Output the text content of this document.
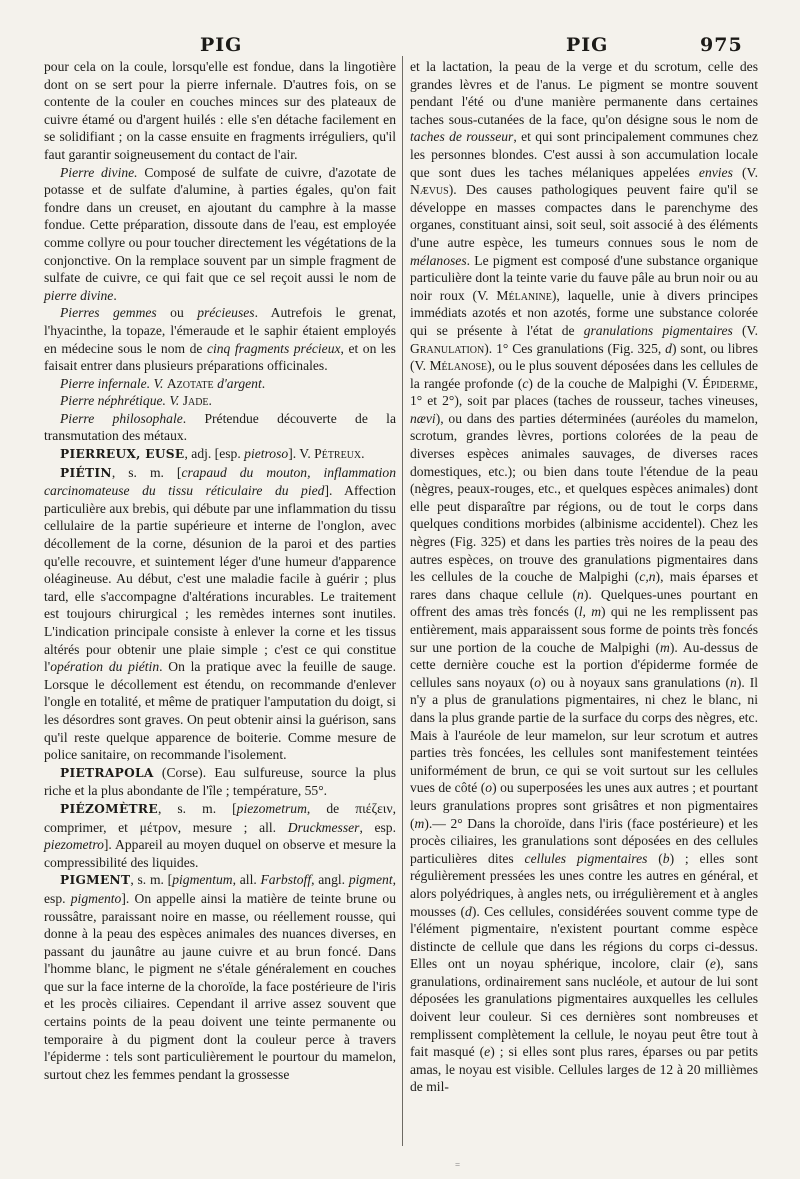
PIG	PIG	975

pour cela on la coule, lorsqu'elle est fondue, dans la lingotière dont on se sert pour la pierre infernale. D'autres fois, on se contente de la couler en couches minces sur des plateaux de cuivre étamé ou d'argent huilés : elle s'en détache facilement en se solidifiant ; on la casse ensuite en fragments irréguliers, qu'il faut garantir soigneusement du contact de l'air.

Pierre divine. Composé de sulfate de cuivre, d'azotate de potasse et de sulfate d'alumine, à parties égales, qu'on fait fondre dans un creuset, en ajoutant du camphre à la masse fondue. Cette préparation, dissoute dans de l'eau, est employée comme collyre ou pour toucher directement les végétations de la conjonctive. On la remplace souvent par un simple fragment de sulfate de cuivre, ce qui fait que ce sel reçoit aussi le nom de pierre divine.

Pierres gemmes ou précieuses. Autrefois le grenat, l'hyacinthe, la topaze, l'émeraude et le saphir étaient employés en médecine sous le nom de cinq fragments précieux, et on les faisait entrer dans plusieurs préparations officinales.

Pierre infernale. V. Azotate d'argent.

Pierre néphrétique. V. Jade.

Pierre philosophale. Prétendue découverte de la transmutation des métaux.

PIERREUX, EUSE, adj. [esp. pietroso]. V. Pétreux.

PIÉTIN, s. m. [crapaud du mouton, inflammation carcinomateuse du tissu réticulaire du pied]. Affection particulière aux brebis, qui débute par une inflammation du tissu cellulaire de la partie supérieure et interne de l'onglon, avec décollement de la corne, désunion de la paroi et des parties qu'elle recouvre, et suintement léger d'une humeur d'apparence oléagineuse. Au début, c'est une maladie facile à guérir ; plus tard, elle s'accompagne d'altérations incurables. Le traitement est toujours chirurgical ; les remèdes internes sont inutiles. L'indication principale consiste à enlever la corne et les tissus altérés pour obtenir une plaie simple ; c'est ce qui constitue l'opération du piétin. On la pratique avec la feuille de sauge. Lorsque le décollement est étendu, on recommande d'enlever l'ongle en totalité, et même de pratiquer l'amputation du doigt, si les désordres sont graves. On peut obtenir ainsi la guérison, sans qu'il reste quelque apparence de boiterie. Comme mesure de police sanitaire, on recommande l'isolement.

PIETRAPOLA (Corse). Eau sulfureuse, source la plus riche et la plus abondante de l'île ; température, 55°.

PIÉZOMÈTRE, s. m. [piezometrum, de πιέζειν, comprimer, et μέτρον, mesure ; all. Druckmesser, esp. piezometro]. Appareil au moyen duquel on observe et mesure la compressibilité des liquides.

PIGMENT, s. m. [pigmentum, all. Farbstoff, angl. pigment, esp. pigmento]. On appelle ainsi la matière de teinte brune ou roussâtre, paraissant noire en masse, ou réellement rousse, qui donne à la peau des espèces animales des nuances diverses, en passant du jaunâtre au jaune cuivre et au brun foncé. Dans l'homme blanc, le pigment ne s'étale généralement en couches que sur la face interne de la choroïde, la face postérieure de l'iris et les procès ciliaires. Cependant il arrive assez souvent que certains points de la peau doivent une teinte permanente ou temporaire à du pigment dont la couleur perce à travers l'épiderme : tels sont particulièrement le pourtour du mamelon, surtout chez les femmes pendant la grossesse

et la lactation, la peau de la verge et du scrotum, celle des grandes lèvres et de l'anus. Le pigment se montre souvent pendant l'été ou d'une manière permanente dans certaines taches sous-cutanées de la face, qu'on désigne sous le nom de taches de rousseur, et qui sont principalement communes chez les personnes blondes. C'est aussi à son accumulation locale que sont dues les taches mélaniques appelées envies (V. Nævus). Des causes pathologiques peuvent faire qu'il se développe en masses compactes dans le parenchyme des organes, constituant ainsi, soit seul, soit associé à des éléments d'une autre espèce, les tumeurs connues sous le nom de mélanoses. Le pigment est composé d'une substance organique particulière dont la teinte varie du fauve pâle au brun noir ou au noir roux (V. Mélanine), laquelle, unie à divers principes immédiats azotés et non azotés, forme une substance colorée qui se présente à l'état de granulations pigmentaires (V. Granulation). 1° Ces granulations (Fig. 325, d) sont, ou libres (V. Mélanose), ou le plus souvent déposées dans les cellules de la rangée profonde (c) de la couche de Malpighi (V. Épiderme, 1° et 2°), soit par places (taches de rousseur, taches vineuses, nævi), ou dans des parties déterminées (auréoles du mamelon, scrotum, grandes lèvres, portions colorées de la peau de diverses espèces animales sauvages, de diverses races domestiques, etc.); ou bien dans toute l'étendue de la peau (nègres, peaux-rouges, etc., et quelques espèces animales) dont elle peut disparaître par régions, ou de tout le corps dans quelques conditions morbides (albinisme accidentel). Chez les nègres (Fig. 325) et dans les parties très noires de la peau des autres espèces, on trouve des granulations pigmentaires dans les cellules de la couche de Malpighi (c,n), mais éparses et rares dans chaque cellule (n). Quelques-unes pourtant en offrent des amas très foncés (l, m) qui ne les remplissent pas entièrement, mais apparaissent sous forme de points très foncés sur une portion de la couche de Malpighi (m). Au-dessus de cette dernière couche est la portion d'épiderme formée de cellules sans noyaux (o) ou à noyaux sans granulations (n). Il n'y a plus de granulations pigmentaires, ni chez le blanc, ni dans la plus grande partie de la surface du corps des nègres, etc. Mais à l'auréole de leur mamelon, sur leur scrotum et autres parties très foncées, les cellules sont manifestement teintées uniformément de brun, ce qui se voit surtout sur les cellules vues de côté (o) ou superposées les unes aux autres ; et pourtant leurs granulations propres sont grisâtres et non pigmentaires (m).— 2° Dans la choroïde, dans l'iris (face postérieure) et les procès ciliaires, les granulations sont déposées en des cellules particulières dites cellules pigmentaires (b) ; elles sont régulièrement pressées les unes contre les autres en général, et alors polyédriques, à angles nets, ou irrégulièrement et à angles mousses (d). Ces cellules, considérées souvent comme type de l'élément pigmentaire, n'existent pourtant comme espèce distincte de cellule que dans les régions du corps ci-dessus. Elles ont un noyau sphérique, incolore, clair (e), sans granulations, ordinairement sans nucléole, et autour de lui sont déposées les granulations pigmentaires auxquelles les cellules doivent leur couleur. Si ces dernières sont nombreuses et remplissent complètement la cellule, le noyau peut être tout à fait masqué (e) ; si elles sont plus rares, éparses ou par petits amas, le noyau est visible. Cellules larges de 12 à 20 millièmes de mil-

=
